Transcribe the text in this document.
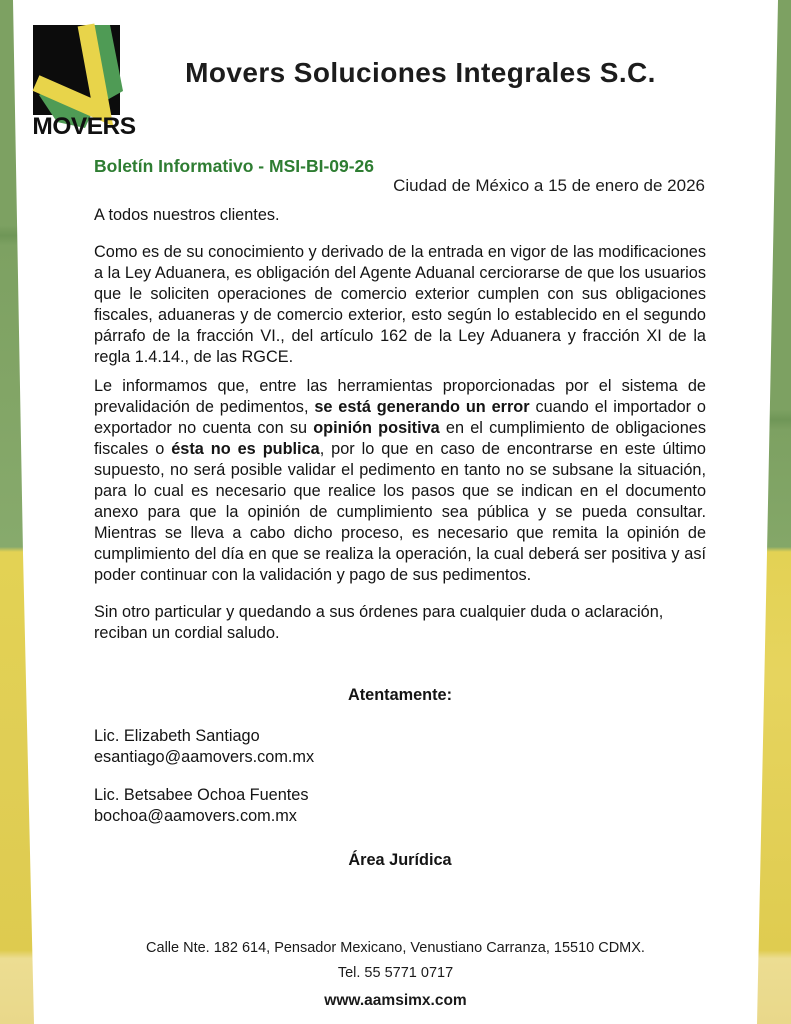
MOVERS
Movers Soluciones Integrales S.C.
Boletín Informativo - MSI-BI-09-26
Ciudad de México a 15 de enero de 2026

A todos nuestros clientes.

Como es de su conocimiento y derivado de la entrada en vigor de las modificaciones a la Ley Aduanera, es obligación del Agente Aduanal cerciorarse de que los usuarios que le soliciten operaciones de comercio exterior cumplen con sus obligaciones fiscales, aduaneras y de comercio exterior, esto según lo establecido en el segundo párrafo de la fracción VI., del artículo 162 de la Ley Aduanera y fracción XI de la regla 1.4.14., de las RGCE.

Le informamos que, entre las herramientas proporcionadas por el sistema de prevalidación de pedimentos, se está generando un error cuando el importador o exportador no cuenta con su opinión positiva en el cumplimiento de obligaciones fiscales o ésta no es publica, por lo que en caso de encontrarse en este último supuesto, no será posible validar el pedimento en tanto no se subsane la situación, para lo cual es necesario que realice los pasos que se indican en el documento anexo para que la opinión de cumplimiento sea pública y se pueda consultar. Mientras se lleva a cabo dicho proceso, es necesario que remita la opinión de cumplimiento del día en que se realiza la operación, la cual deberá ser positiva y así poder continuar con la validación y pago de sus pedimentos.

Sin otro particular y quedando a sus órdenes para cualquier duda o aclaración, reciban un cordial saludo.

Atentamente:

Lic. Elizabeth Santiago

esantiago@aamovers.com.mx

Lic. Betsabee Ochoa Fuentes

bochoa@aamovers.com.mx

Área Jurídica

Calle Nte. 182 614, Pensador Mexicano, Venustiano Carranza, 15510 CDMX.

Tel. 55 5771 0717

www.aamsimx.com
